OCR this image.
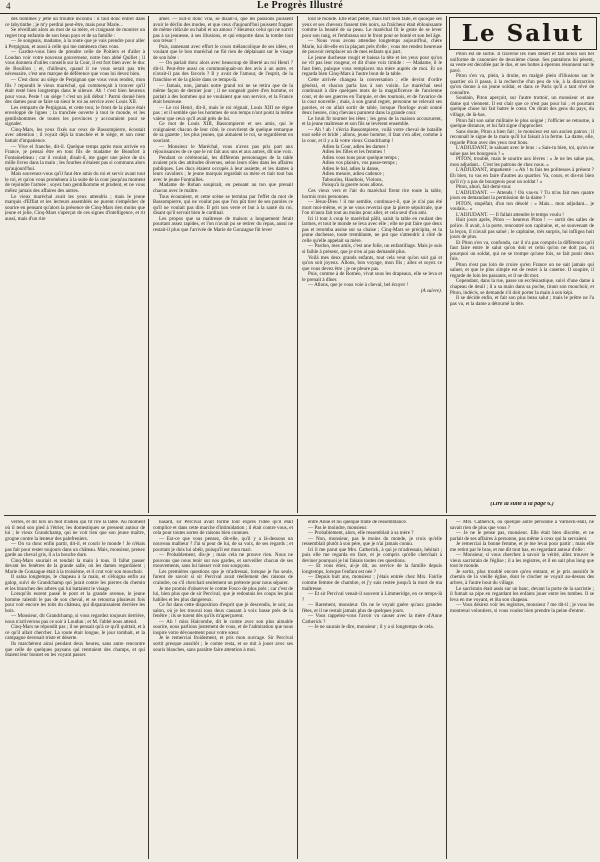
4	Le Progrès Illustré

des hommes y jette un trouble inconnu : il faut donc entrer dans ce labyrinthe ; je m'y perdrai peut-être, mais pour Marie...

Se réveillant alors au mot de sa mère, et craignant de montrer un regret trop enfantin de son beau pays et de sa famille :

— Je songeais, madame, à la route que je vais prendre pour aller à Perpignan, et aussi à celle qui me ramènera chez vous.

— Gardez-vous bien de prendre celle de Poitiers et d'aller à Loudun voir votre nouveau gouverneur, notre bon abbé Quillet ; il vous donnera d'utiles conseils sur la Cour, il est fort bien avec le duc de Bouillon ; et, d'ailleurs, quand il ne vous serait pas très nécessaire, c'est une marque de déférence que vous lui devez bien.

— C'est donc au siège de Perpignan que vous vous rendez, mon fils ? repondit le vieux maréchal, qui commençait à trouver qu'il était resté bien longtemps dans le silence. Ah ! c'est bien heureux pour vous. Peste ! un siège ! c'est un joli début ! Parmi donné bien des dames pour se faire un sieur le roi au service avec Louis XII.

Les remparts de Perpignan, et cette tour, le front de la place était enveloppé de lignes ; la tranchée ouverte à tout le monde, et les gentilshommes de toutes les provinces y accouraient pour se signaler.

Cinq-Mars, les yeux fixés sur ceux de Bassompierre, écoutait avec attention ; il voyait déjà la tranchée et le siège, et son cœur battait d'impatience.

— Vive el franche, dit-il. Quelque temps après mon arrivée en France, je pensai être en tout fils de madame de Beaufort à Fontainebleau ; car il voulait, disait-il, me gager une pièce de six mille livres dans la main ; les fourbes n'étaient pas si communs alors qu'aujourd'hui.

Mais souvenez-vous qu'il faut être amis du roi et servir avant tout le roi, et qu'on vous promènera à la suite de la cour jusqu'au moment de rejoindre l'armée ; soyez bon gentilhomme et prudent, et ne vous mêlez jamais des affaires des autres.

Le vieux maréchal avait les yeux attendris ; mais le jeune marquis d'Effiat et les lecteurs assemblés ne purent s'empêcher de sourire en pensant qu'alors la présence de Cinq-Mars rien moins que jeune et jolie, Cinq-Mars s'aperçut de ces signes d'intelligence, et rit aussi, mais d'un rire

amer. — Eut-il donc vrai, se disait-il, que les passions puissent avoir le déclin des modes, et que ceux d'aujourd'hui puissent frapper de même ridicule ou habit et un amour ? Heureux celui qui ne survit pas à sa jeunesse, à ses illusions, et qui emporte dans la tombe tout son trésor !

Puis, ramenant avec effort le cours mélancolique de ses idées, et voulant que le bon maréchal ne fût rien de déplaisant sur le visage de son hôte :

— On parlait donc alors avec beaucoup de liberté au roi Henri ? dit-il. Peut-être aussi on communiquait-on des avis à un autre, et n'avait-il pas des favoris ? Il y avait de l'amour, de l'esprit, de la franchise et de la gloire dans ce temps-là.

— Jamais, non, jamais notre grand roi ne se retira que de la même façon de dernier jour ; il ne songeait guère d'en homme, et parlait à des hommes qui ne voulaient que son service, et la France était heureuse.

— Le roi Henri, dit-il, mais le roi régnait, Louis XIII ne règne pas ; et il semble que les hommes de son temps n'ont point la même valeur que ceux qu'il avait près de lui.

Ce mot de Louis XIII, Bassompierre et ses amis, qui le craignaient chacun de leur côté, le couvrirent de quelque remarque de sa gazette ; les plus jeunes, qui aimaient le roi, se regardèrent en souriant.

— Monsieur le Maréchal, vous n'avez pas pris part aux réjouissances de ce que le roi fait aux uns et aux autres, dit une voix.

Pendant ce cérémonial, les différents personnages de la table avaient pris des attitudes diverses, selon leurs rôles dans les affaires publiques. Les ducs étaient occupés à leur assiette, et les dames à leurs cavaliers ; le jeune marquis regardait sa mère et riait tout bas avec le jeune Fontrailles.

Madame de Rohan soupirait, en pensant au ton que prenait chacun avec le maître.

Tous écoutaient, et cette scène se termina par l'effet du mot de Bassompierre, qui ne voulut pas que l'on pût tirer de ses paroles ce qu'il ne voulait pas dire. Il prit son verre et but à la santé du roi, disant qu'il servait bien le cardinal.

Les propos que sa maîtresse de maison a longuement ferait pourtant assez rapides, et l'on n'avait pu se retirer du repas, aussi ne restait-il plus que l'arrivée de Marie de Gonzague fût lever

tout le monde. Elle était petite, mais fort bien faite, et quoique ses yeux et ses cheveux fussent très noirs, sa fraîcheur était éblouissante comme la beauté de sa peau. Le maréchal fit le geste de se lever pour son rang, et l'embrassa sur le front pour se bonté et son bel âge.

— Nous vous avons attendue longtemps aujourd'hui, chère Marie, lui dit-elle en la plaçant près d'elle ; vous me rendez heureuse de pouvoir remplacer un de mes enfants qui part.

Le jeune duchesse rougit et baissa la tête et les yeux pour qu'on ne vît pas leur rougeur, et dit d'une voix timide : — Madame, il le faut bien, puisque vous remplacez ma mère auprès de moi. Et on regarda bien Cinq-Mars à l'autre bout de la table.

Cette arrivée changea la conversation ; elle devint d'ordre général, et chacun parla bas à son voisin. Le maréchal seul continuait à dire quelques mots de la magnificence de l'ancienne cour, et de ses guerres en Turquie, et des tournois, et de l'avarice de la cour nouvelle ; mais, à son grand regret, personne ne relevait ses paroles, et on allait sortir de table, lorsque l'horloge avait sonné deux heures, cinq chevaux parurent dans la grande cour.

Le bruit fit tourner les têtes ; les gens de la maison accoururent, et la jeune maîtresse et son fils se levèrent ensemble.

— Ah ! ah ! s'écria Bassompierre, voilà votre cheval de bataille tout sellé et bridé ; allons, jeune homme, il faut s'en aller, comme à la cour, et il y a là votre vieux Grandchamp !

Adieu la Cour, adieu les dames !

Adieu les filles et les femmes !

Adieu vous tous pour quelque temps ;

Adieu vos plaisirs, vos passe-temps ;

Adieu le bal, adieu la danse,

Adieu mesure, adieu cadence ;

Tabourins, Hautbois, Violons,

Puisqu'à la guerre nous allons.

Ces vieux vers et l'air du maréchal firent rire toute la table, hormis trois personnes.

— Jésus-Dieu ! il me semble, continua-t-il, que je n'ai pas été mort moi-même, et je ne vous reverrai que la pierre sépulcrale, que l'on m'aura fait tout au moins pour aller, et cela seul d'un ami.

Ici il tout à coup le maréchal pâlit, saisit la table en roulant des larmes, et tout le monde se leva avec elle ; elle ne put faire que deux pas et retomba assise sur sa chaise ; Cinq-Mars se précipita, et la jeune duchesse, toute tremblante, ne put que s'attendrir à côté de celle qu'elle appelait sa mère.

— Pardon, mes amis, c'est une folie, un enfantillage. Mais je suis si faible à présent, que je n'en ai pas demandé plus.

Voilà mes deux grands enfants, tout cela veut qu'on soit gai et qu'on soit joyeux. Allons, bon voyage, mon fils ; allez et soyez ce que vous devez être ; je ne pleure pas.

Puis, comme à de Roméo, vivat sous les drapeaux, elle se leva et le prenait à dîner.

— Allons, que je vous voie à cheval, bel écuyer !

(A suivre).

Le Salut

Piton est de sortie. Il traverse les rues désert et fait selon son bel uniforme de canonnier de deuxième classe. Ses pantalons lui pèsent, sa veste est décollée par le dos, et ses bottes à éperons résonnent sur le pavé.

Piton s'en va, plein, à droite, en malgré plein d'illusions sur le quartier où il passe, à la recherche d'un peu de vie, à la distraction qu'on donne à un jeune soldat, et dans ce Paris qu'il a tant rêvé de connaître.

Soudain, Piton aperçoit, sur l'autre trottoir, un monsieur et une dame qui viennent. Il est clair que ce n'est pas pour lui ; et pourtant quelque chose lui fait battre le cœur. On dirait des gens du pays, du village, de là-bas.

Piton fait son salut militaire le plus soigné ; l'officier se retourne, à quelque distance, et lui fait signe d'approcher.

Sans doute, Piton a bien fait ; le monsieur est son ancien patron ; il reconnaît le signe de la main qu'il lui faisait à la ferme. La dame, elle, regarde Piton avec des yeux tout bons.

L'ADJUDANT, le saluant avec le bras : « Sais-tu bien, toi, qu'on ne salue pas les bourgeois ? »

PITON, troublé, mais le sourire aux lèvres : « Je ne les salue pas, mon adjudant... C'est les patrons de chez nous. »

L'ADJUDANT, impatienté : « Ah ! tu fais tes politesses à présent ? Eh bien, tu vas en faire d'autres au quartier. Va, cours, et dis-toi bien qu'il n'y a pas de bourgeois pour un soldat ! »

Piton, ahuri, fait demi-tour.

L'ADJUDANT. — Attends ! Où vas-tu ? Tu m'as fait mes quatre jours en demandant la permission de la dame ?

PITON, stupéfait, d'un ton désolé : « Mais... mon adjudant... je voulais... »

L'ADJUDANT. — Il fallait attendre le temps voulu !

Huit jours après, Piton — heureux Piton ! — sortit des salles de police. Il avait, à la porte, rencontré son capitaine, et, se souvenant de la leçon, il n'avait pas salué ; le capitaine, très surpris, lui infligea huit jours de plus.

Et Piton s'en va, confondu, car il n'a pas compris la différence qu'il faut faire entre le salut qu'on doit et celui qu'on ne doit pas, ni pourquoi un soldat, qui ne se trompe qu'une fois, se fait punir deux fois.

Piton n'est pas loin de croire qu'en France on ne sait jamais qui saluer, et que le plus simple est de rester à la caserne. Il soupire, il regarde de loin les passants, et il ne dit mot.

Cependant, dans la rue, passe un ecclésiastique, suivi d'une dame à chapeau de deuil ; il a sa main dans sa poche, tirant son mouchoir, et Piton, indécis, se demande s'il doit porter la main à son képi.

Il se décide enfin, et fait son plus beau salut ; mais le prêtre ne l'a pas vu, et la dame a détourné la tête.

(Lire la suite à la page 6.)

verres, et dit lors un mot d'adieu qui fit rire la table. Au moment où il tend son pied à l'étrier, les domestiques se pressent autour de lui ; le vieux Grandchamp, qui ne voit rien que son jeune maître, grogne contre la lenteur des palefreniers.

— On va donc enfin partir, dit-il, et courir le monde ! Je n'étais pas fait pour rester toujours dans un château. Mais, monsieur, prenez garde au cheval gris, il a la bouche dure.

Cinq-Mars souriait et tendait la main à tous. Il fallut passer devant les fenêtres de la grande salle, où les dames regardaient ; Marie de Gonzague était à la troisième, et il crut voir son mouchoir.

Il salua longtemps, le chapeau à la main, et s'éloigna enfin au galop, suivi de Grandchamp qui jurait contre les pierres du chemin et les branches des arbres qui lui battaient le visage.

Lorsqu'ils eurent passé le pont et la grande avenue, le jeune homme ralentit le pas de son cheval, et se retourna plusieurs fois pour voir encore les toits du château, qui disparaissaient derrière les bois.

— Monsieur, dit Grandchamp, si vous regardez toujours derrière, nous n'arriverons pas ce soir à Loudun ; et M. l'abbé nous attend.

Cinq-Mars ne répondit pas ; il ne pensait qu'à ce qu'il quittait, et à ce qu'il allait chercher. La route était longue, le jour tombait, et la campagne devenait triste et déserte.

Ils marchèrent ainsi pendant deux heures, sans autre rencontre que celle de quelques paysans qui rentraient des champs, et qui ôtaient leur bonnet en les voyant passer.

hasard, sir Percival avait formé tout exprès l'idée qu'il était complice et dans cette marche d'intimidation ; il était contre vous, et cela pour toutes sortes de raisons bien connues.

— Est-ce que vous pensez, dit-elle, qu'il y a là-dessous un nouveau malheur ? J'ai si peur de lui, de sa voix, de ses regards ; et pourtant je dois lui obéir, puisqu'il est mon mari.

— Probablement, dis-je ; mais cela ne prouve rien. Nous ne pouvons que nous tenir sur nos gardes, et surveiller chacun de ses mouvements, sans lui laisser voir nos soupçons.

Les premières questions que je m'adressai, lorsque je fus seule, furent de savoir si sir Percival avait réellement des raisons de craindre, ou s'il cherchait seulement un prétexte pour nous séparer.

Je me promis d'observer le comte Fosco de plus près ; car c'est de lui, bien plus que de sir Percival, que je redoutais les coups les plus habiles et les plus dangereux.

Ce fut dans cette disposition d'esprit que je descendis, le soir, au salon, où je les trouvai tous deux causant à voix basse près de la fenêtre ; ils se turent dès qu'ils m'aperçurent.

— Ah ! miss Halcombe, dit le comte avec son plus aimable sourire, nous parlions justement de vous, et de l'admiration que nous inspire votre dévouement pour votre sœur.

Je le remerciai froidement, et pris mon ouvrage. Sir Percival sortit presque aussitôt ; le comte resta, et se mit à jouer avec ses souris blanches, sans paraître faire attention à moi.

entre Anne et lui quelque traite de ressemblance.

— Pas le moindre, monsieur.

— Probablement, alors, elle ressemblait à sa mère ?

— Non, monsieur, pas le moins du monde, je crois qu'elle ressemblait plutôt à son père, que je n'ai jamais connu.

Ici il me parut que Mrs. Catherick, à qui je m'adressais, hésitait ; puis elle me regarda en face, et je compris qu'elle cherchait à deviner pourquoi je lui faisais toutes ces questions.

— Et vous étiez, ai-je dit, au service de la famille depuis longtemps, lorsque l'enfant est née ?

— Depuis huit ans, monsieur ; j'étais entrée chez Mrs. Fairlie comme femme de chambre, et j'y suis restée jusqu'à la mort de ma maîtresse.

— Et sir Percival venait-il souvent à Limmeridge, en ce temps-là ?

— Rarement, monsieur. On ne le voyait guère qu'aux grandes fêtes, et il ne restait jamais plus de quelques jours.

— Vous rappelez-vous l'avoir vu causer avec la mère d'Anne Catherick ?

— Je ne saurais le dire, monsieur ; il y a si longtemps de cela.

— Mrs. Catherick, ou quelque autre personne à Varneck-Hall, ne savait rien de plus que vous ?

— Je ne le pense pas, monsieur. Elle était bien discrète, et ne parlait de ses affaires à personne, pas même à ceux qui la servaient.

Je remerciai la bonne femme, et je me levai pour partir ; mais elle me retint par le bras, et me dit tout bas, en regardant autour d'elle :

— Monsieur, si vous cherchez à savoir la vérité, allez trouver le vieux sacristain de l'église ; il a les registres, et il en sait plus long que tout le monde.

Je sortis, plus troublé encore qu'en entrant, et je pris aussitôt le chemin de la vieille église, dont le clocher se voyait au-dessus des arbres, à l'autre bout du village.

Le sacristain était assis sur un banc, devant la porte de la sacristie ; il fumait sa pipe en regardant les enfants jouer entre les tombes. Il se leva en me voyant, et ôta son chapeau.

— Vous désirez voir les registres, monsieur ? me dit-il ; je vous les montrerai volontiers, si vous voulez bien prendre la peine d'entrer.
